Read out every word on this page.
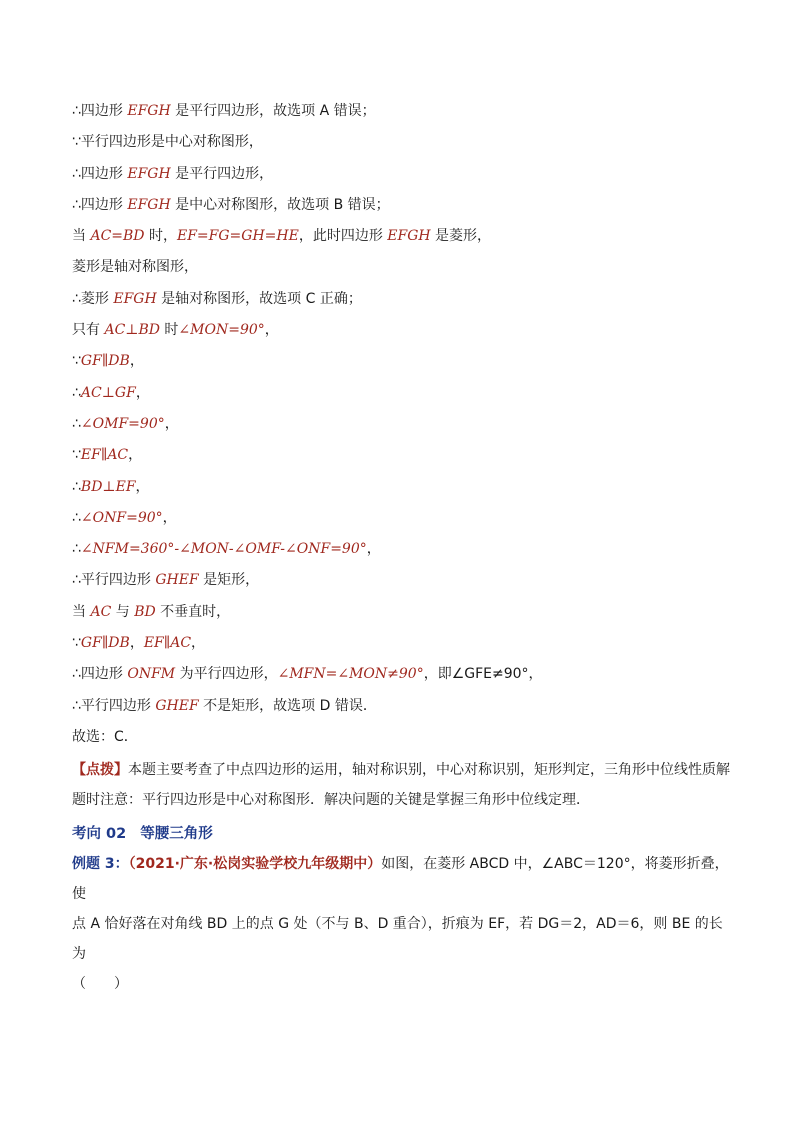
∴四边形 EFGH 是平行四边形，故选项 A 错误；
∵平行四边形是中心对称图形，
∴四边形 EFGH 是平行四边形，
∴四边形 EFGH 是中心对称图形，故选项 B 错误；
当 AC=BD 时，EF=FG=GH=HE，此时四边形 EFGH 是菱形，
菱形是轴对称图形，
∴菱形 EFGH 是轴对称图形，故选项 C 正确；
只有 AC⊥BD 时∠MON=90°，
∵GF∥DB，
∴AC⊥GF，
∴∠OMF=90°，
∵EF∥AC，
∴BD⊥EF，
∴∠ONF=90°，
∴∠NFM=360°-∠MON-∠OMF-∠ONF=90°，
∴平行四边形 GHEF 是矩形，
当 AC 与 BD 不垂直时，
∵GF∥DB，EF∥AC，
∴四边形 ONFM 为平行四边形，∠MFN=∠MON≠90°，即∠GFE≠90°，
∴平行四边形 GHEF 不是矩形，故选项 D 错误．
故选：C．
【点拨】本题主要考查了中点四边形的运用，轴对称识别，中心对称识别，矩形判定，三角形中位线性质解题时注意：平行四边形是中心对称图形．解决问题的关键是掌握三角形中位线定理．
考向 02 等腰三角形
例题 3：（2021·广东·松岗实验学校九年级期中）如图，在菱形 ABCD 中，∠ABC＝120°，将菱形折叠，使
点 A 恰好落在对角线 BD 上的点 G 处（不与 B、D 重合），折痕为 EF，若 DG＝2，AD＝6，则 BE 的长为
（　　）
